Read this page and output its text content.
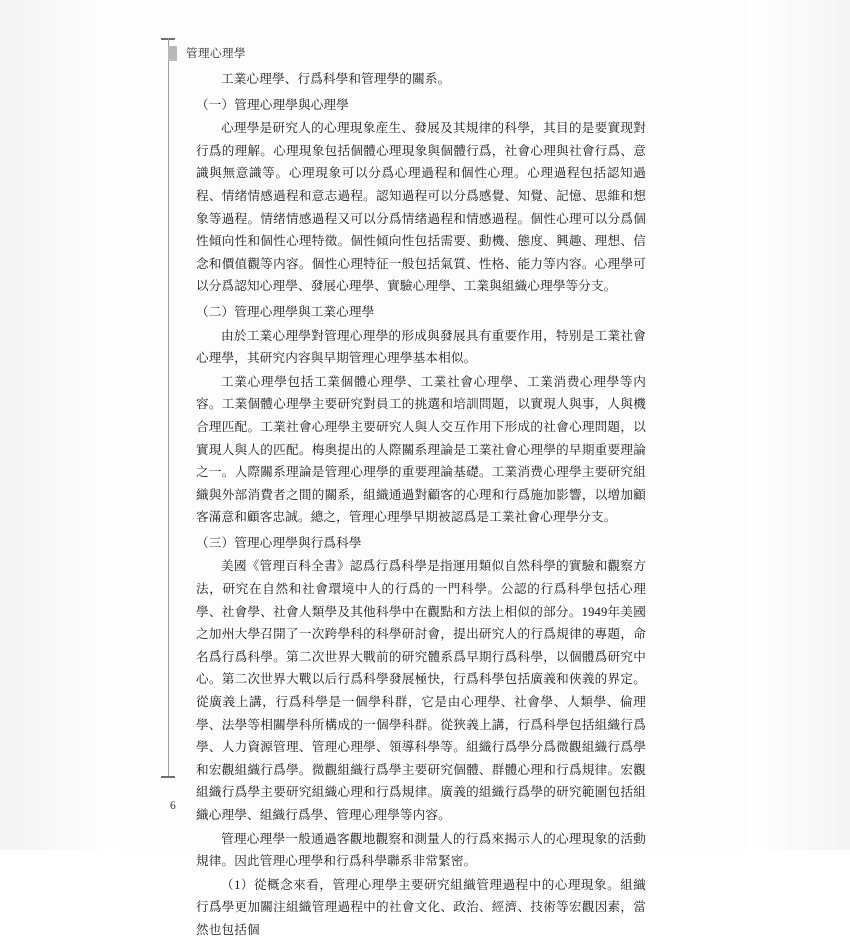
管理心理學

工業心理學、行爲科學和管理學的關系。

（一）管理心理學與心理學

心理學是研究人的心理現象産生、發展及其規律的科學，其目的是要實现對行爲的理解。心理現象包括個體心理現象與個體行爲，社會心理與社會行爲、意識與無意識等。心理現象可以分爲心理過程和個性心理。心理過程包括認知過程、情绪情感過程和意志過程。認知過程可以分爲感覺、知覺、記憶、思維和想象等過程。情绪情感過程又可以分爲情绪過程和情感過程。個性心理可以分爲個性傾向性和個性心理特徵。個性傾向性包括需要、動機、態度、興趣、理想、信念和價值觀等内容。個性心理特征一般包括氣質、性格、能力等内容。心理學可以分爲認知心理學、發展心理學、實驗心理學、工業與組織心理學等分支。

（二）管理心理學與工業心理學

由於工業心理學對管理心理學的形成與發展具有重要作用，特别是工業社會心理學，其研究内容與早期管理心理學基本相似。

工業心理學包括工業個體心理學、工業社會心理學、工業消费心理學等内容。工業個體心理學主要研究對員工的挑選和培訓問題，以實現人與事，人與機合理匹配。工業社會心理學主要研究人與人交互作用下形成的社會心理問題，以實現人與人的匹配。梅奥提出的人際關系理論是工業社會心理學的早期重要理論之一。人際關系理論是管理心理學的重要理論基礎。工業消费心理學主要研究組織與外部消費者之間的關系，組織通過對顧客的心理和行爲施加影響，以增加顧客滿意和顧客忠誠。總之，管理心理學早期被認爲是工業社會心理學分支。

（三）管理心理學與行爲科學

美國《管理百科全書》認爲行爲科學是指運用類似自然科學的實驗和觀察方法，研究在自然和社會環境中人的行爲的一門科學。公認的行爲科學包括心理學、社會學、社會人類學及其他科學中在觀點和方法上相似的部分。1949年美國之加州大學召開了一次跨學科的科學研討會，提出研究人的行爲規律的專題，命名爲行爲科學。第二次世界大戰前的研究體系爲早期行爲科學，以個體爲研究中心。第二次世界大戰以后行爲科學發展極快，行爲科學包括廣義和俠義的界定。從廣義上講，行爲科學是一個學科群，它是由心理學、社會學、人類學、倫理學、法學等相關學科所構成的一個學科群。從狹義上講，行爲科學包括組織行爲學、人力資源管理、管理心理學、領導科學等。組織行爲學分爲微觀組織行爲學和宏觀組織行爲學。微觀組織行爲學主要研究個體、群體心理和行爲規律。宏觀組織行爲學主要研究組織心理和行爲規律。廣義的組織行爲學的研究範圍包括組織心理學、組織行爲學、管理心理學等内容。

管理心理學一般通過客觀地觀察和測量人的行爲來揭示人的心理現象的活動規律。因此管理心理學和行爲科學聯系非常緊密。

（1）從概念來看，管理心理學主要研究組織管理過程中的心理現象。組織行爲學更加關注組織管理過程中的社會文化、政治、經濟、技術等宏觀因素，當然也包括個

6
